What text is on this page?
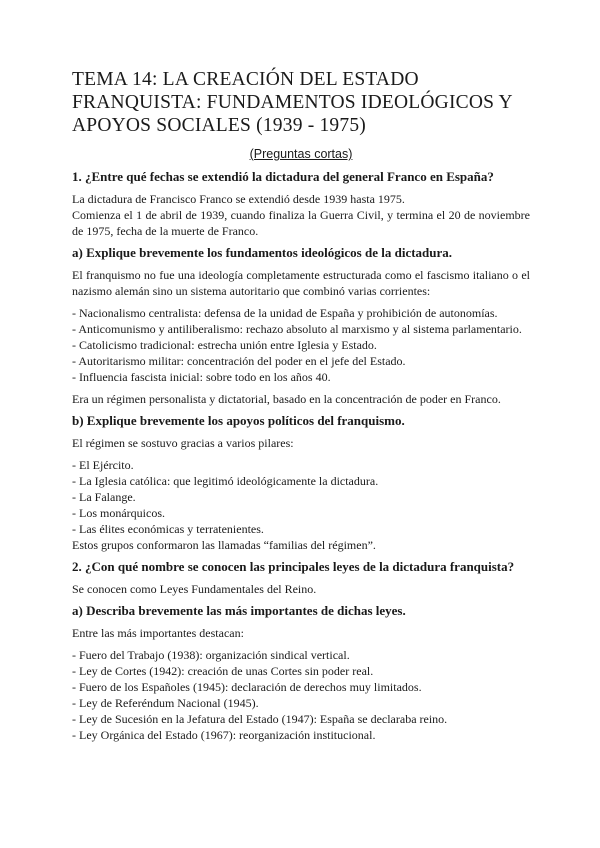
TEMA 14: LA CREACIÓN DEL ESTADO FRANQUISTA: FUNDAMENTOS IDEOLÓGICOS Y APOYOS SOCIALES (1939 - 1975)
(Preguntas cortas)
1. ¿Entre qué fechas se extendió la dictadura del general Franco en España?
La dictadura de Francisco Franco se extendió desde 1939 hasta 1975.
Comienza el 1 de abril de 1939, cuando finaliza la Guerra Civil, y termina el 20 de noviembre de 1975, fecha de la muerte de Franco.
a) Explique brevemente los fundamentos ideológicos de la dictadura.
El franquismo no fue una ideología completamente estructurada como el fascismo italiano o el nazismo alemán sino un sistema autoritario que combinó varias corrientes:
- Nacionalismo centralista: defensa de la unidad de España y prohibición de autonomías.
- Anticomunismo y antiliberalismo: rechazo absoluto al marxismo y al sistema parlamentario.
- Catolicismo tradicional: estrecha unión entre Iglesia y Estado.
- Autoritarismo militar: concentración del poder en el jefe del Estado.
- Influencia fascista inicial: sobre todo en los años 40.
Era un régimen personalista y dictatorial, basado en la concentración de poder en Franco.
b) Explique brevemente los apoyos políticos del franquismo.
El régimen se sostuvo gracias a varios pilares:
- El Ejército.
- La Iglesia católica: que legitimó ideológicamente la dictadura.
- La Falange.
- Los monárquicos.
- Las élites económicas y terratenientes.
Estos grupos conformaron las llamadas “familias del régimen”.
2. ¿Con qué nombre se conocen las principales leyes de la dictadura franquista?
Se conocen como Leyes Fundamentales del Reino.
a) Describa brevemente las más importantes de dichas leyes.
Entre las más importantes destacan:
- Fuero del Trabajo (1938): organización sindical vertical.
- Ley de Cortes (1942): creación de unas Cortes sin poder real.
- Fuero de los Españoles (1945): declaración de derechos muy limitados.
- Ley de Referéndum Nacional (1945).
- Ley de Sucesión en la Jefatura del Estado (1947): España se declaraba reino.
- Ley Orgánica del Estado (1967): reorganización institucional.
